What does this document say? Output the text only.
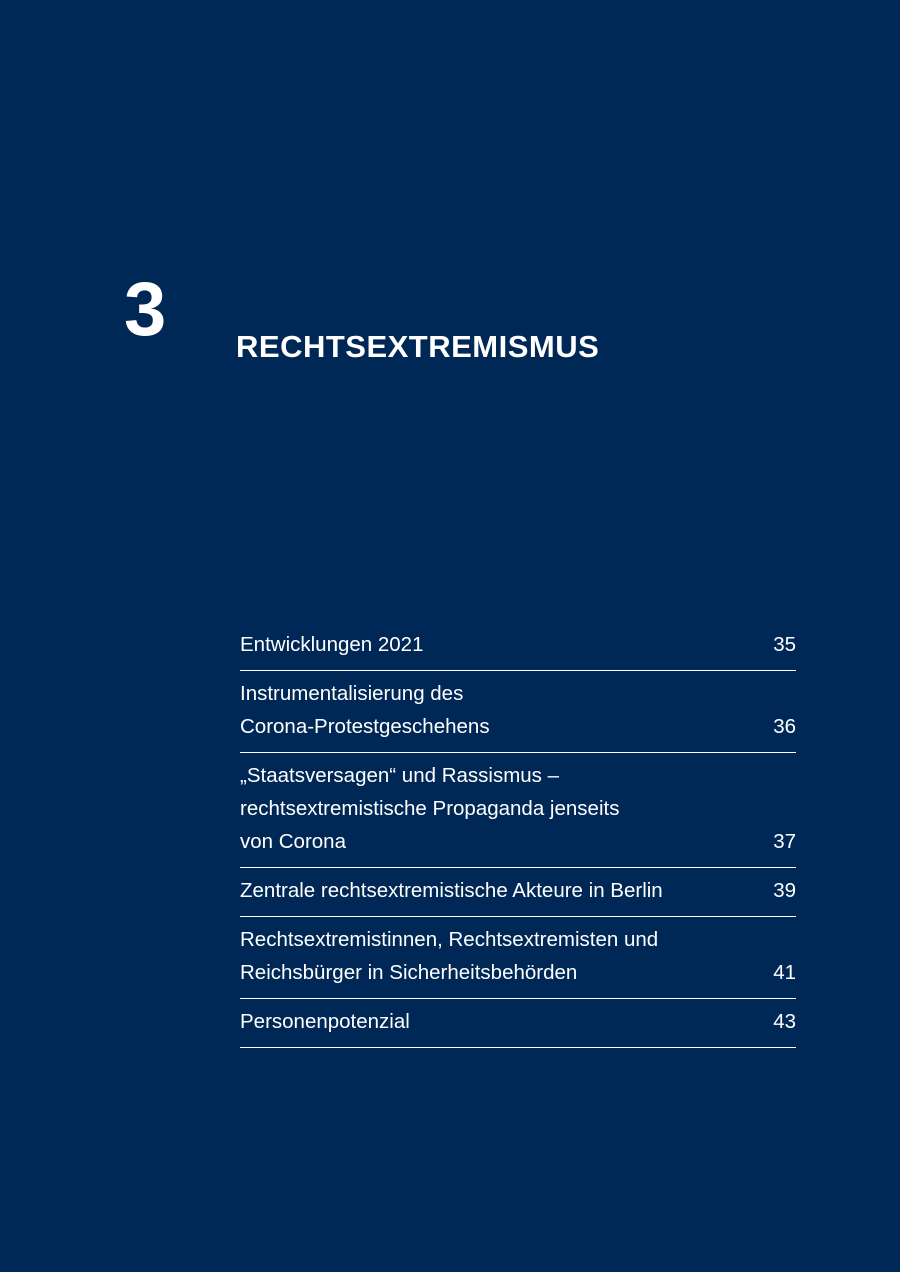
3 RECHTSEXTREMISMUS
Entwicklungen 2021	35
Instrumentalisierung des
Corona-Protestgeschehens	36
„Staatsversagen“ und Rassismus –
rechtsextremistische Propaganda jenseits
von Corona	37
Zentrale rechtsextremistische Akteure in Berlin	39
Rechtsextremistinnen, Rechtsextremisten und
Reichsbürger in Sicherheitsbehörden	41
Personenpotenzial	43
